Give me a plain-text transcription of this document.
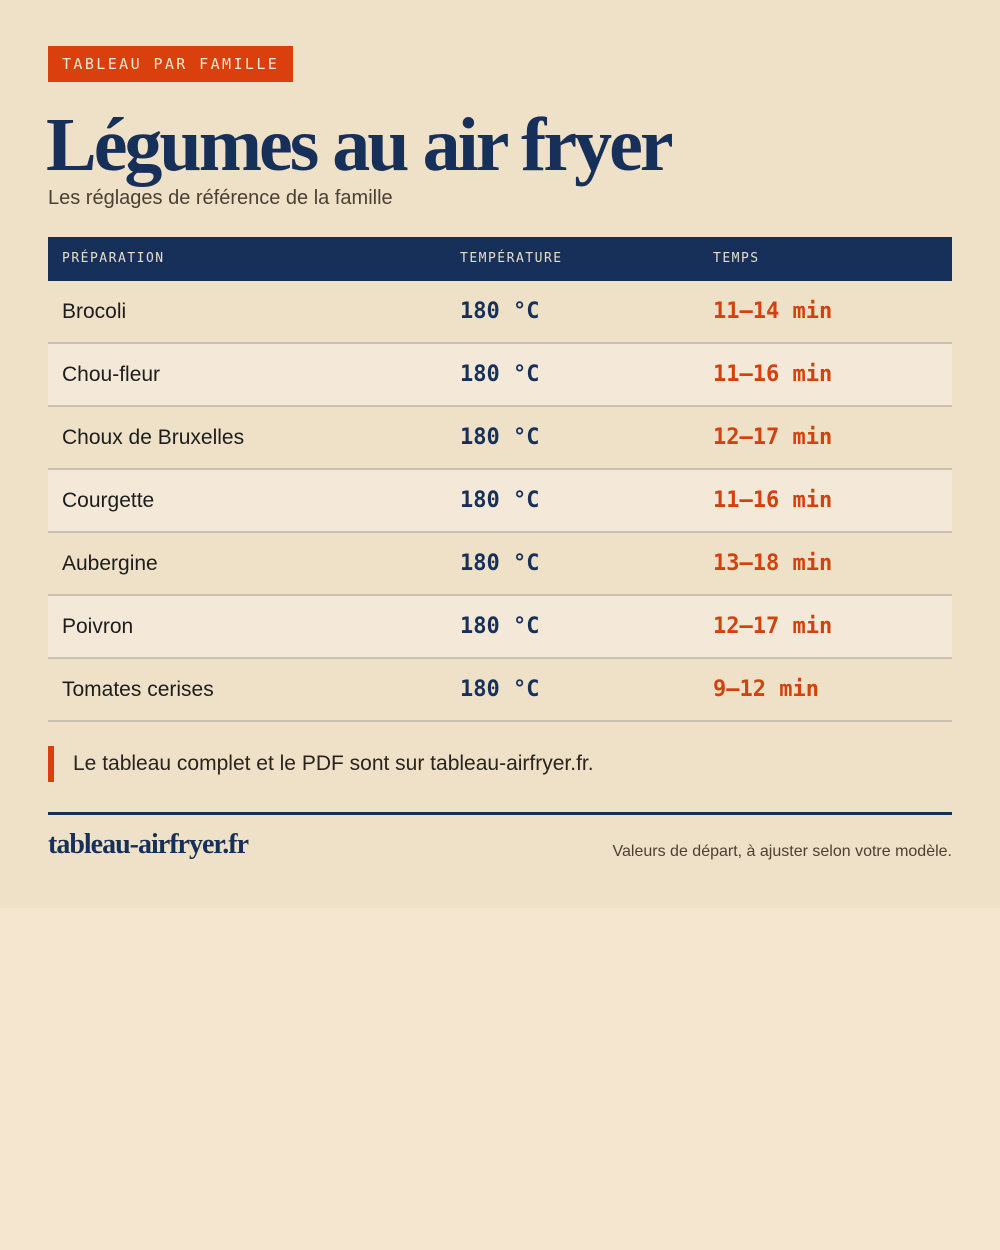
TABLEAU PAR FAMILLE
Légumes au air fryer
Les réglages de référence de la famille
PRÉPARATION	TEMPÉRATURE	TEMPS
Brocoli	180 °C	11–14 min
Chou-fleur	180 °C	11–16 min
Choux de Bruxelles	180 °C	12–17 min
Courgette	180 °C	11–16 min
Aubergine	180 °C	13–18 min
Poivron	180 °C	12–17 min
Tomates cerises	180 °C	9–12 min
Le tableau complet et le PDF sont sur tableau-airfryer.fr.
tableau-airfryer.fr	Valeurs de départ, à ajuster selon votre modèle.
